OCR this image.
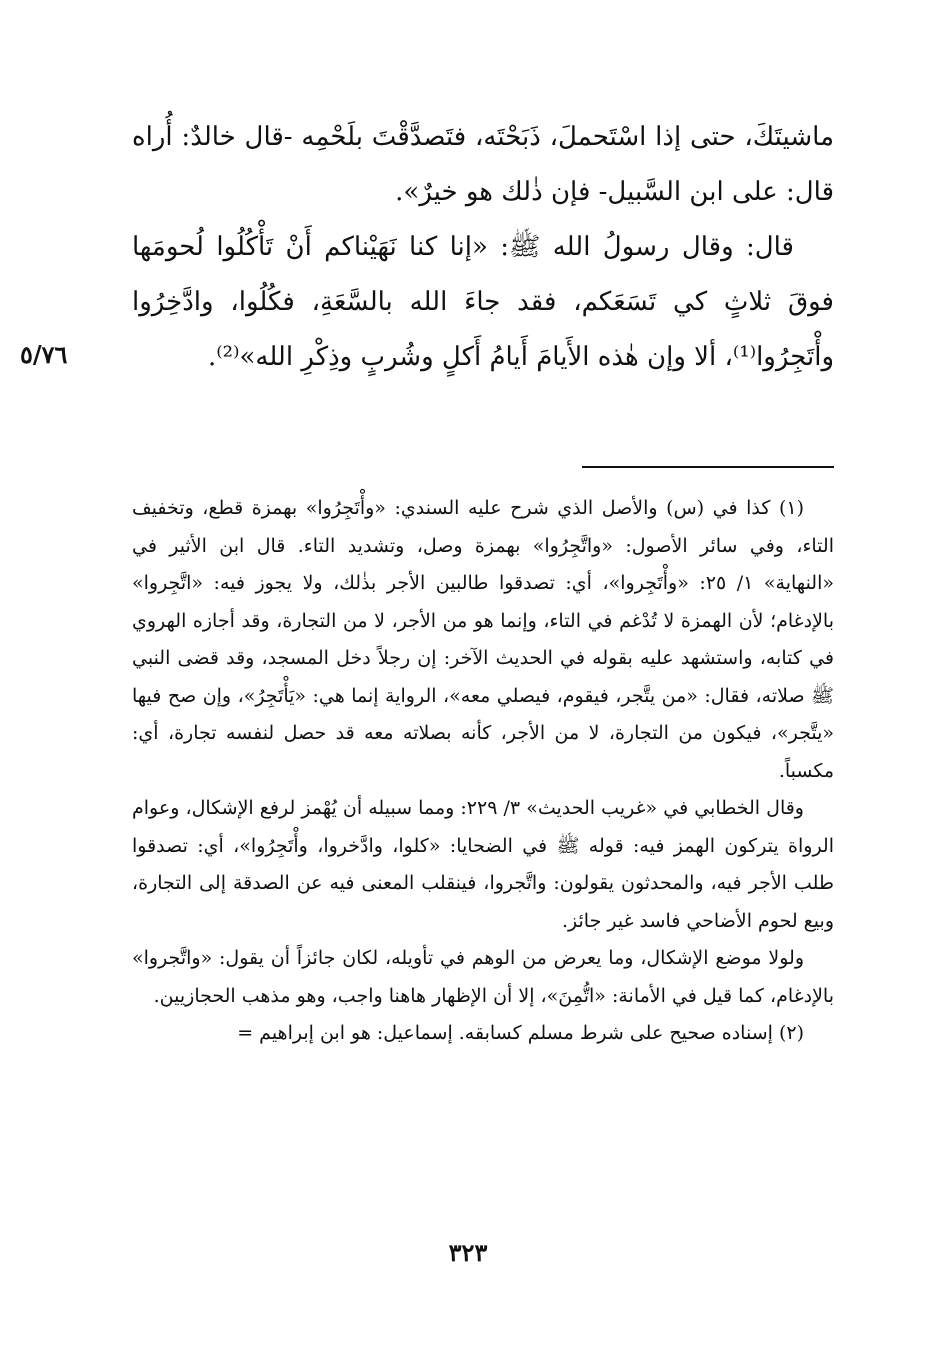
ماشيتَكَ، حتى إذا اسْتَحملَ، ذَبَحْتَه، فتَصدَّقْتَ بلَحْمِه -قال خالدٌ: أُراه قال: على ابن السَّبيل- فإن ذٰلك هو خيرٌ».

قال: وقال رسولُ الله ﷺ: «إنا كنا نَهَيْناكم أَنْ تَأْكُلُوا لُحومَها فوقَ ثلاثٍ كي تَسَعَكم، فقد جاءَ الله بالسَّعَةِ، فكُلُوا، وادَّخِرُوا وأْتَجِرُوا⁽¹⁾، ألا وإن هٰذه الأَيامَ أَيامُ أَكلٍ وشُربٍ وذِكْرِ الله»⁽²⁾.

٥/٧٦

(١) كذا في (س) والأصل الذي شرح عليه السندي: «وأْتَجِرُوا» بهمزة قطع، وتخفيف التاء، وفي سائر الأصول: «واتَّجِرُوا» بهمزة وصل، وتشديد التاء. قال ابن الأثير في «النهاية» ١/ ٢٥: «وأْتَجِروا»، أي: تصدقوا طالبين الأجر بذٰلك، ولا يجوز فيه: «اتَّجِروا» بالإدغام؛ لأن الهمزة لا تُدْغم في التاء، وإنما هو من الأجر، لا من التجارة، وقد أجازه الهروي في كتابه، واستشهد عليه بقوله في الحديث الآخر: إن رجلاً دخل المسجد، وقد قضى النبي ﷺ صلاته، فقال: «من يتَّجر، فيقوم، فيصلي معه»، الرواية إنما هي: «يَأْتَجِرُ»، وإن صح فيها «يتَّجر»، فيكون من التجارة، لا من الأجر، كأنه بصلاته معه قد حصل لنفسه تجارة، أي: مكسباً.

وقال الخطابي في «غريب الحديث» ٣/ ٢٢٩: ومما سبيله أن يُهْمز لرفع الإشكال، وعوام الرواة يتركون الهمز فيه: قوله ﷺ في الضحايا: «كلوا، وادَّخروا، وأْتَجِرُوا»، أي: تصدقوا طلب الأجر فيه، والمحدثون يقولون: واتَّجروا، فينقلب المعنى فيه عن الصدقة إلى التجارة، وبيع لحوم الأضاحي فاسد غير جائز.

ولولا موضع الإشكال، وما يعرض من الوهم في تأويله، لكان جائزاً أن يقول: «واتَّجروا» بالإدغام، كما قيل في الأمانة: «اتُّمِنَ»، إلا أن الإظهار هاهنا واجب، وهو مذهب الحجازيين.

(٢) إسناده صحيح على شرط مسلم كسابقه. إسماعيل: هو ابن إبراهيم =

٣٢٣
